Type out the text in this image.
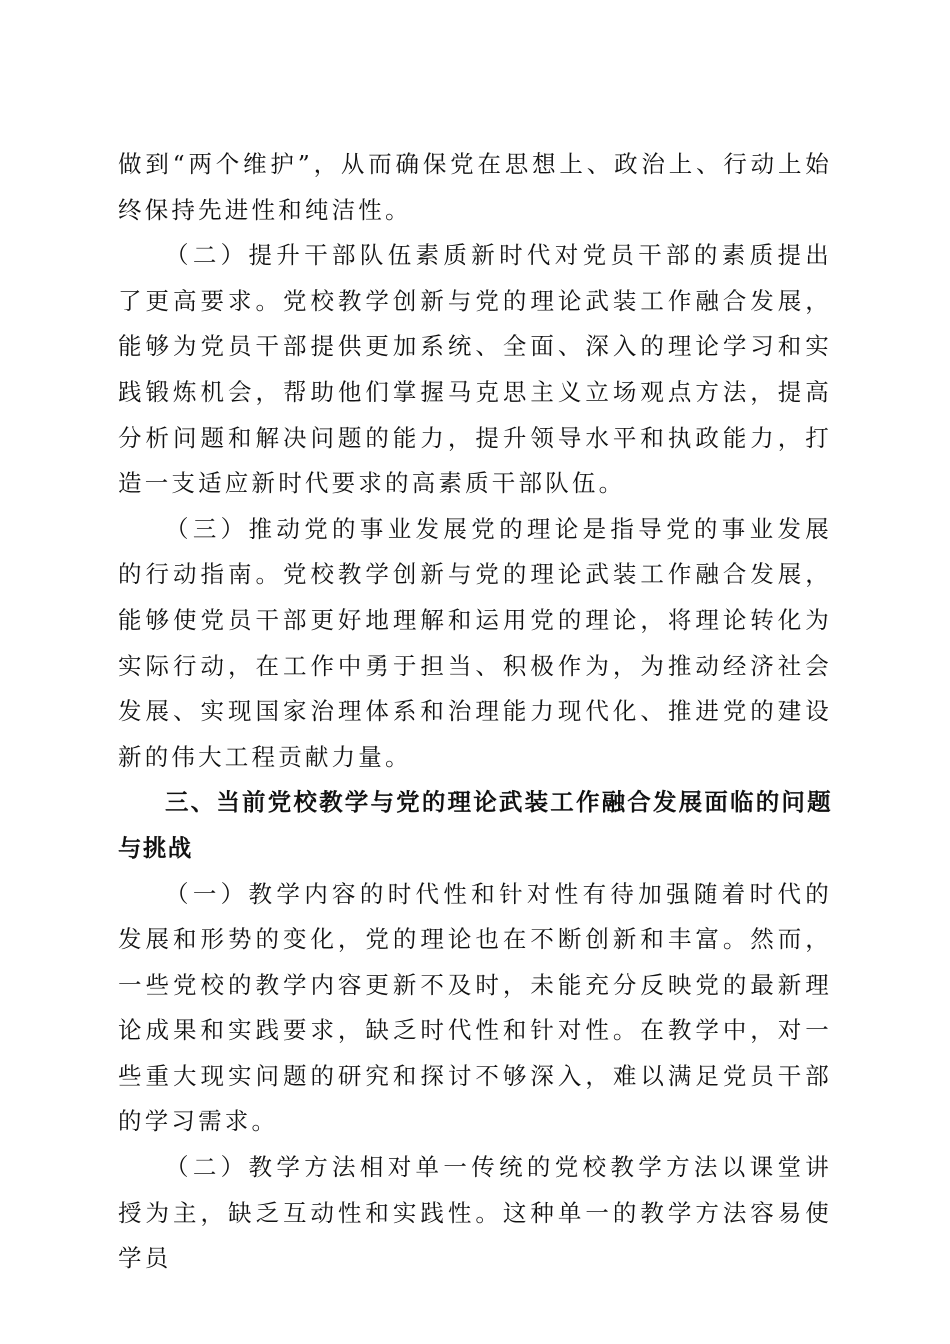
做到“两个维护”，从而确保党在思想上、政治上、行动上始终保持先进性和纯洁性。

（二）提升干部队伍素质新时代对党员干部的素质提出了更高要求。党校教学创新与党的理论武装工作融合发展，能够为党员干部提供更加系统、全面、深入的理论学习和实践锻炼机会，帮助他们掌握马克思主义立场观点方法，提高分析问题和解决问题的能力，提升领导水平和执政能力，打造一支适应新时代要求的高素质干部队伍。

（三）推动党的事业发展党的理论是指导党的事业发展的行动指南。党校教学创新与党的理论武装工作融合发展，能够使党员干部更好地理解和运用党的理论，将理论转化为实际行动，在工作中勇于担当、积极作为，为推动经济社会发展、实现国家治理体系和治理能力现代化、推进党的建设新的伟大工程贡献力量。

三、当前党校教学与党的理论武装工作融合发展面临的问题与挑战

（一）教学内容的时代性和针对性有待加强随着时代的发展和形势的变化，党的理论也在不断创新和丰富。然而，一些党校的教学内容更新不及时，未能充分反映党的最新理论成果和实践要求，缺乏时代性和针对性。在教学中，对一些重大现实问题的研究和探讨不够深入，难以满足党员干部的学习需求。

（二）教学方法相对单一传统的党校教学方法以课堂讲授为主，缺乏互动性和实践性。这种单一的教学方法容易使学员
